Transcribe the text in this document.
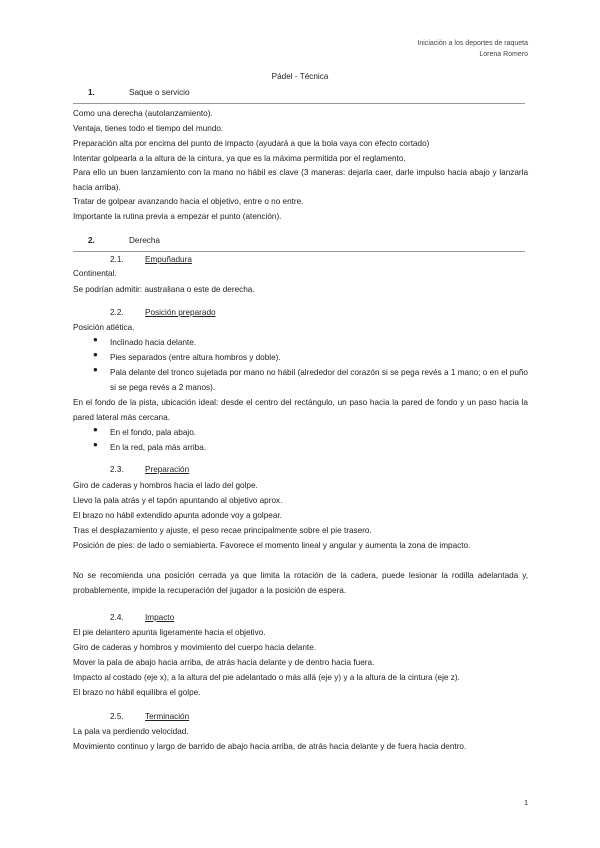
Iniciación a los deportes de raqueta
Lorena Romero
Pádel - Técnica
1.	Saque o servicio
Como una derecha (autolanzamiento).
Ventaja, tienes todo el tiempo del mundo.
Preparación alta por encima del punto de impacto (ayudará a que la bola vaya con efecto cortado)
Intentar golpearla a la altura de la cintura, ya que es la máxima permitida por el reglamento.
Para ello un buen lanzamiento con la mano no hábil es clave (3 maneras: dejarla caer, darle impulso hacia abajo y lanzarla hacia arriba).
Tratar de golpear avanzando hacia el objetivo, entre o no entre.
Importante la rutina previa a empezar el punto (atención).
2.	Derecha
2.1.	Empuñadura
Continental.
Se podrían admitir: australiana o este de derecha.
2.2.	Posición preparado
Posición atlética.
● Inclinado hacia delante.
● Pies separados (entre altura hombros y doble).
● Pala delante del tronco sujetada por mano no hábil (alrededor del corazón si se pega revés a 1 mano; o en el puño si se pega revés a 2 manos).
En el fondo de la pista, ubicación ideal: desde el centro del rectángulo, un paso hacia la pared de fondo y un paso hacia la pared lateral más cercana.
● En el fondo, pala abajo.
● En la red, pala más arriba.
2.3.	Preparación
Giro de caderas y hombros hacia el lado del golpe.
Llevo la pala atrás y el tapón apuntando al objetivo aprox.
El brazo no hábil extendido apunta adonde voy a golpear.
Tras el desplazamiento y ajuste, el peso recae principalmente sobre el pie trasero.
Posición de pies: de lado o semiabierta. Favorece el momento lineal y angular y aumenta la zona de impacto.
No se recomienda una posición cerrada ya que limita la rotación de la cadera, puede lesionar la rodilla adelantada y, probablemente, impide la recuperación del jugador a la posición de espera.
2.4.	Impacto
El pie delantero apunta ligeramente hacia el objetivo.
Giro de caderas y hombros y movimiento del cuerpo hacia delante.
Mover la pala de abajo hacia arriba, de atrás hacia delante y de dentro hacia fuera.
Impacto al costado (eje x), a la altura del pie adelantado o más allá (eje y) y a la altura de la cintura (eje z).
El brazo no hábil equilibra el golpe.
2.5.	Terminación
La pala va perdiendo velocidad.
Movimiento continuo y largo de barrido de abajo hacia arriba, de atrás hacia delante y de fuera hacia dentro.
1
